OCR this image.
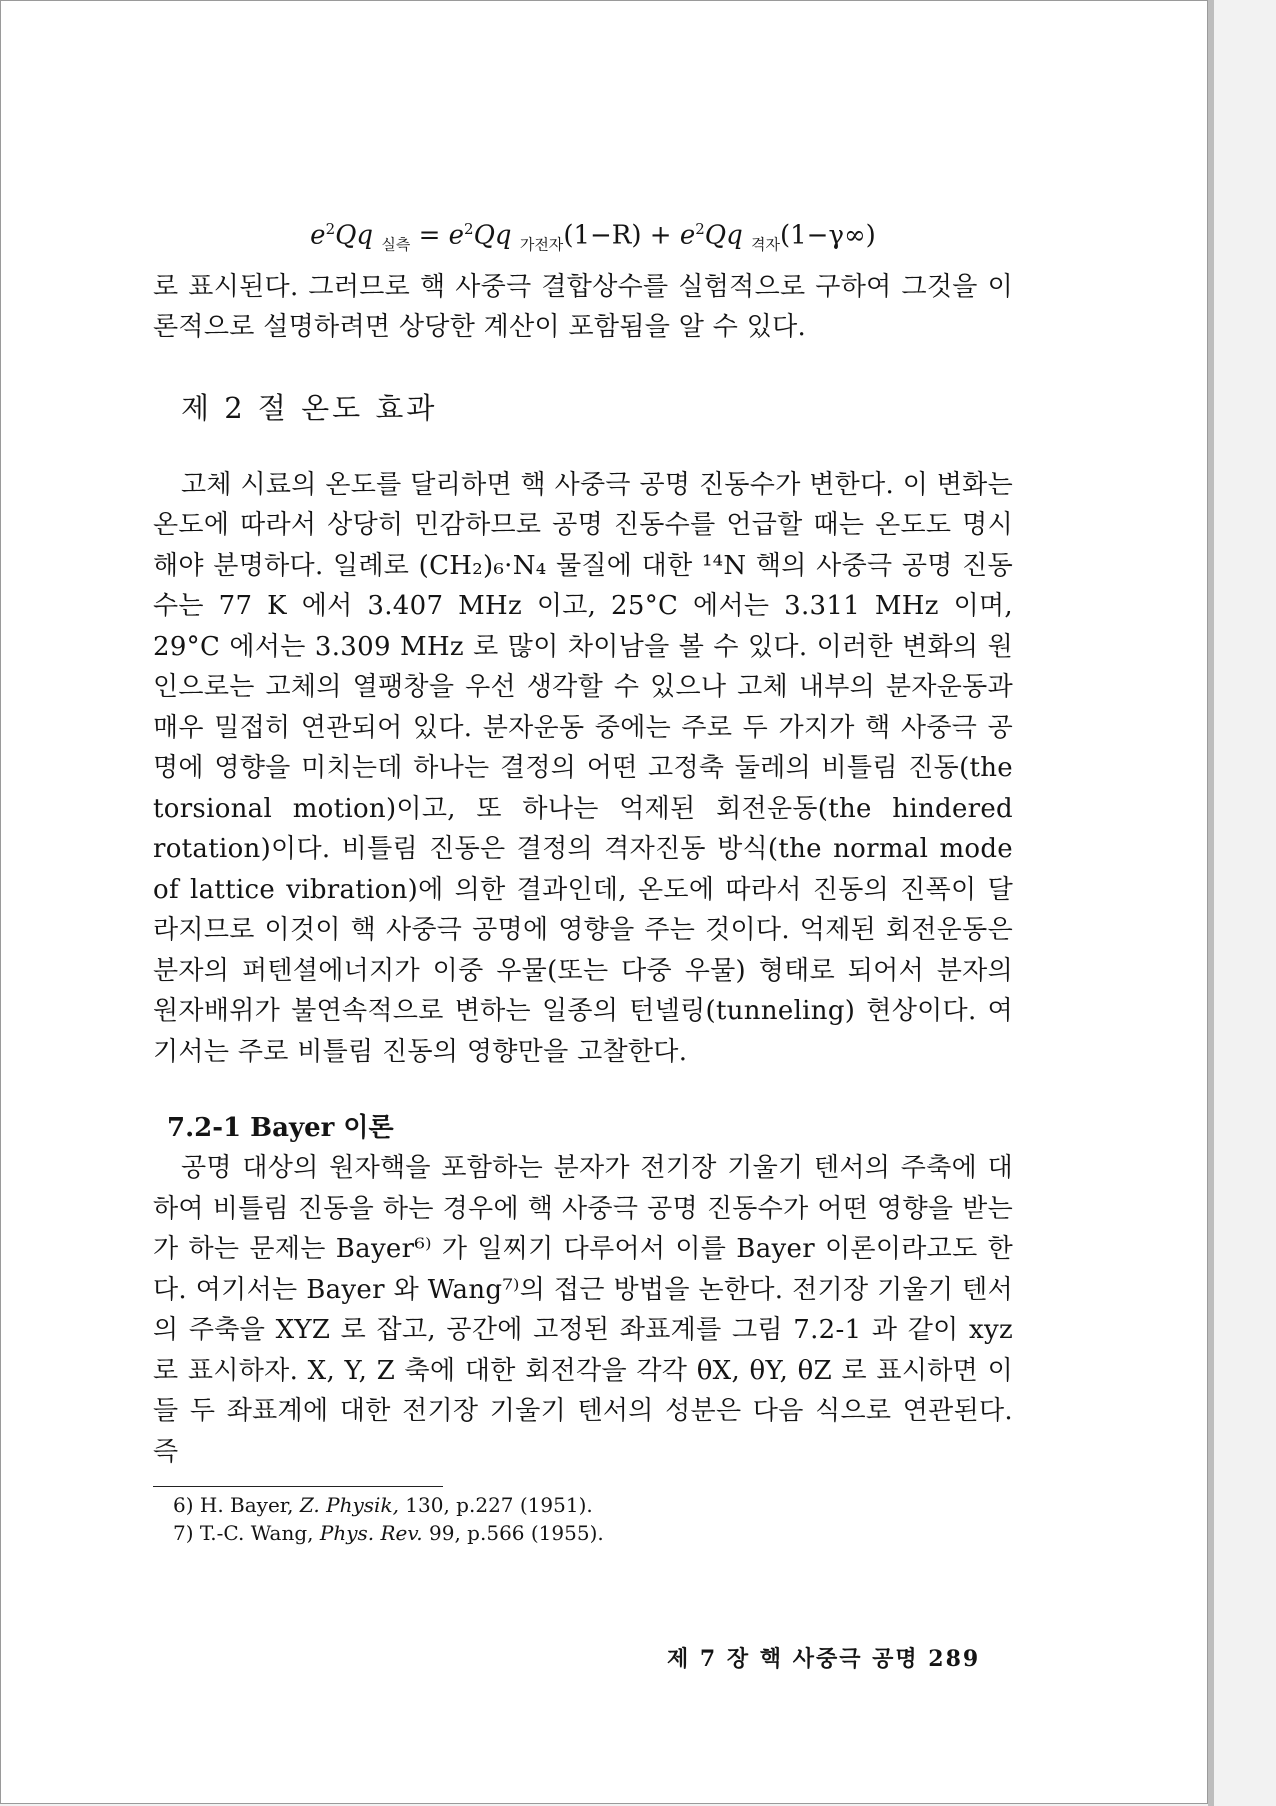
$e^2Qq$ $_{실측} = e^2Qq$ $_{가전자}(1-R) + e^2Qq$ $_{격자}$(1−γ∞)

로 표시된다. 그러므로 핵 사중극 결합상수를 실험적으로 구하여 그것을 이론적으로 설명하려면 상당한 계산이 포함됨을 알 수 있다.

제 2 절 온도 효과

고체 시료의 온도를 달리하면 핵 사중극 공명 진동수가 변한다. 이 변화는 온도에 따라서 상당히 민감하므로 공명 진동수를 언급할 때는 온도도 명시해야 분명하다. 일례로 (CH₂)₆·N₄ 물질에 대한 ¹⁴N 핵의 사중극 공명 진동수는 77 K 에서 3.407 MHz 이고, 25°C 에서는 3.311 MHz 이며, 29°C 에서는 3.309 MHz 로 많이 차이남을 볼 수 있다. 이러한 변화의 원인으로는 고체의 열팽창을 우선 생각할 수 있으나 고체 내부의 분자운동과 매우 밀접히 연관되어 있다. 분자운동 중에는 주로 두 가지가 핵 사중극 공명에 영향을 미치는데 하나는 결정의 어떤 고정축 둘레의 비틀림 진동(the torsional motion)이고, 또 하나는 억제된 회전운동(the hindered rotation)이다. 비틀림 진동은 결정의 격자진동 방식(the normal mode of lattice vibration)에 의한 결과인데, 온도에 따라서 진동의 진폭이 달라지므로 이것이 핵 사중극 공명에 영향을 주는 것이다. 억제된 회전운동은 분자의 퍼텐셜에너지가 이중 우물(또는 다중 우물) 형태로 되어서 분자의 원자배위가 불연속적으로 변하는 일종의 턴넬링(tunneling) 현상이다. 여기서는 주로 비틀림 진동의 영향만을 고찰한다.

7.2-1 Bayer 이론

공명 대상의 원자핵을 포함하는 분자가 전기장 기울기 텐서의 주축에 대하여 비틀림 진동을 하는 경우에 핵 사중극 공명 진동수가 어떤 영향을 받는가 하는 문제는 Bayer⁶⁾ 가 일찌기 다루어서 이를 Bayer 이론이라고도 한다. 여기서는 Bayer 와 Wang⁷⁾의 접근 방법을 논한다. 전기장 기울기 텐서의 주축을 XYZ 로 잡고, 공간에 고정된 좌표계를 그림 7.2-1 과 같이 xyz 로 표시하자. X, Y, Z 축에 대한 회전각을 각각 θX, θY, θZ 로 표시하면 이들 두 좌표계에 대한 전기장 기울기 텐서의 성분은 다음 식으로 연관된다. 즉

6) H. Bayer, Z. Physik, 130, p.227 (1951).
7) T.-C. Wang, Phys. Rev. 99, p.566 (1955).
제 7 장 핵 사중극 공명 289
